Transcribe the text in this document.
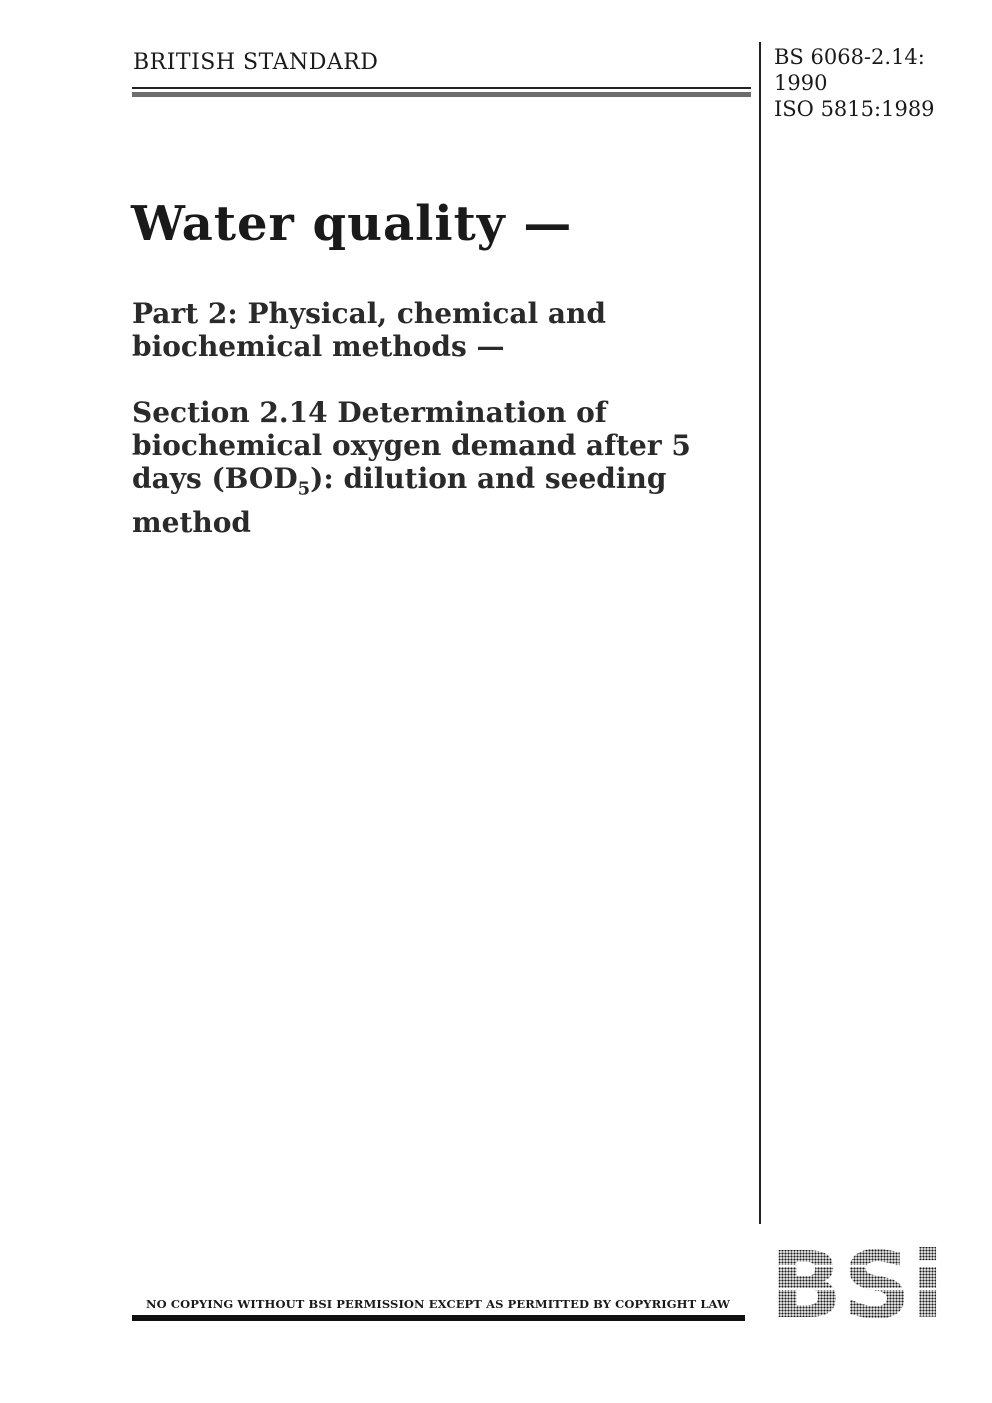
BRITISH STANDARD	BS 6068-2.14:
1990
ISO 5815:1989
Water quality —
Part 2: Physical, chemical and biochemical methods —
Section 2.14 Determination of biochemical oxygen demand after 5 days $(BOD_5)$: dilution and seeding method
NO COPYING WITHOUT BSI PERMISSION EXCEPT AS PERMITTED BY COPYRIGHT LAW
